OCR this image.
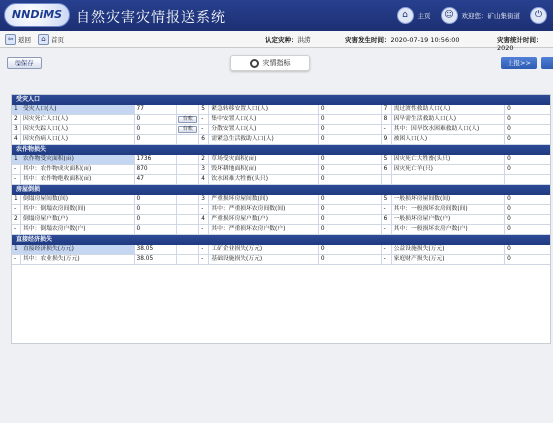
NNDiMS 自然灾害灾情报送系统	⌂	主页	☺	欢迎您：矿山集街道	⏻
⇦ 返回	⌂ 首页	认定灾种：洪涝	灾害发生时间：2020-07-19 10:56:00	灾害统计时间：2020
🖫保存	灾情指标	上报>>
受灾人口
1 受灾人口(人)	77	5	紧急转移安置人口(人)	0	7	需过渡性救助人口(人)	0
2 因灾死亡人口(人)	0	台账	-	集中安置人口(人)	0	8	因旱需生活救助人口(人)	0
3 因灾失踪人口(人)	0	台账	-	分散安置人口(人)	0	-	其中：因旱饮水困难救助人口(人)	0
4 因灾伤病人口(人)	0	6	需紧急生活救助人口(人)	0	9	被困人口(人)	0
农作物损失
1 农作物受灾面积(亩)	1736	2	草场受灾面积(亩)	0	5	因灾死亡大牲畜(头只)	0
-	其中：农作物成灾面积(亩)	870	3	毁坏耕地面积(亩)	0	6	因灾死亡羊(只)	0
-	其中：农作物绝收面积(亩)	47	4	饮水困难大牲畜(头只)	0
房屋倒损
1 倒塌房屋间数(间)	0	3	严重损坏房屋间数(间)	0	5	一般损坏房屋间数(间)	0
-	其中：倒塌农房间数(间)	0	-	其中：严重损坏农房间数(间)	0	-	其中：一般损坏农房间数(间)	0
2 倒塌房屋户数(户)	0	4	严重损坏房屋户数(户)	0	6	一般损坏房屋户数(户)	0
-	其中：倒塌农房户数(户)	0	-	其中：严重损坏农房户数(户)	0	-	其中：一般损坏农房户数(户)	0
直接经济损失
1 直接经济损失(万元)	38.05	-	工矿企业损失(万元)	0	-	公益设施损失(万元)	0
-	其中：农业损失(万元)	38.05	-	基础设施损失(万元)	0	-	家庭财产损失(万元)	0
